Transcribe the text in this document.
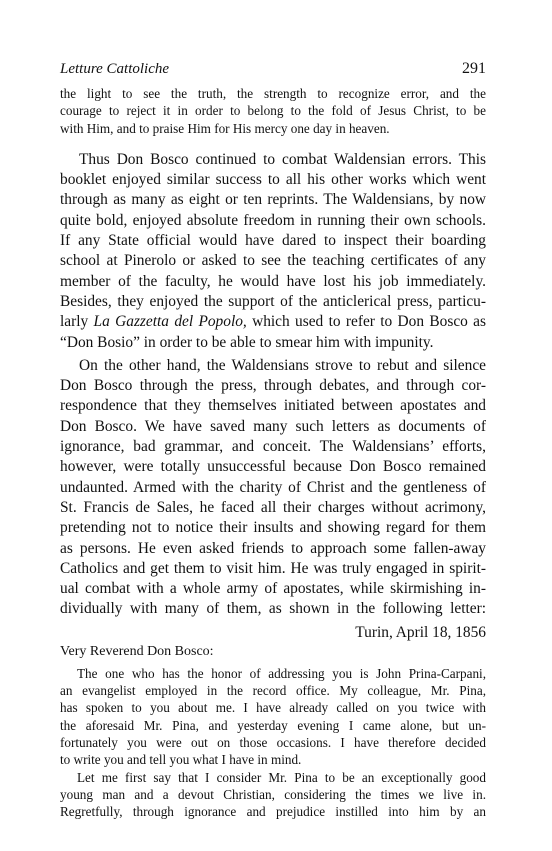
Letture Cattoliche	291
the light to see the truth, the strength to recognize error, and the
courage to reject it in order to belong to the fold of Jesus Christ, to be
with Him, and to praise Him for His mercy one day in heaven.
Thus Don Bosco continued to combat Waldensian errors. This
booklet enjoyed similar success to all his other works which went
through as many as eight or ten reprints. The Waldensians, by now
quite bold, enjoyed absolute freedom in running their own schools.
If any State official would have dared to inspect their boarding
school at Pinerolo or asked to see the teaching certificates of any
member of the faculty, he would have lost his job immediately.
Besides, they enjoyed the support of the anticlerical press, particu-
larly La Gazzetta del Popolo, which used to refer to Don Bosco as
“Don Bosio” in order to be able to smear him with impunity.
On the other hand, the Waldensians strove to rebut and silence
Don Bosco through the press, through debates, and through cor-
respondence that they themselves initiated between apostates and
Don Bosco. We have saved many such letters as documents of
ignorance, bad grammar, and conceit. The Waldensians’ efforts,
however, were totally unsuccessful because Don Bosco remained
undaunted. Armed with the charity of Christ and the gentleness of
St. Francis de Sales, he faced all their charges without acrimony,
pretending not to notice their insults and showing regard for them
as persons. He even asked friends to approach some fallen-away
Catholics and get them to visit him. He was truly engaged in spirit-
ual combat with a whole army of apostates, while skirmishing in-
dividually with many of them, as shown in the following letter:
Turin, April 18, 1856
Very Reverend Don Bosco:
The one who has the honor of addressing you is John Prina-Carpani,
an evangelist employed in the record office. My colleague, Mr. Pina,
has spoken to you about me. I have already called on you twice with
the aforesaid Mr. Pina, and yesterday evening I came alone, but un-
fortunately you were out on those occasions. I have therefore decided
to write you and tell you what I have in mind.
Let me first say that I consider Mr. Pina to be an exceptionally good
young man and a devout Christian, considering the times we live in.
Regretfully, through ignorance and prejudice instilled into him by an
